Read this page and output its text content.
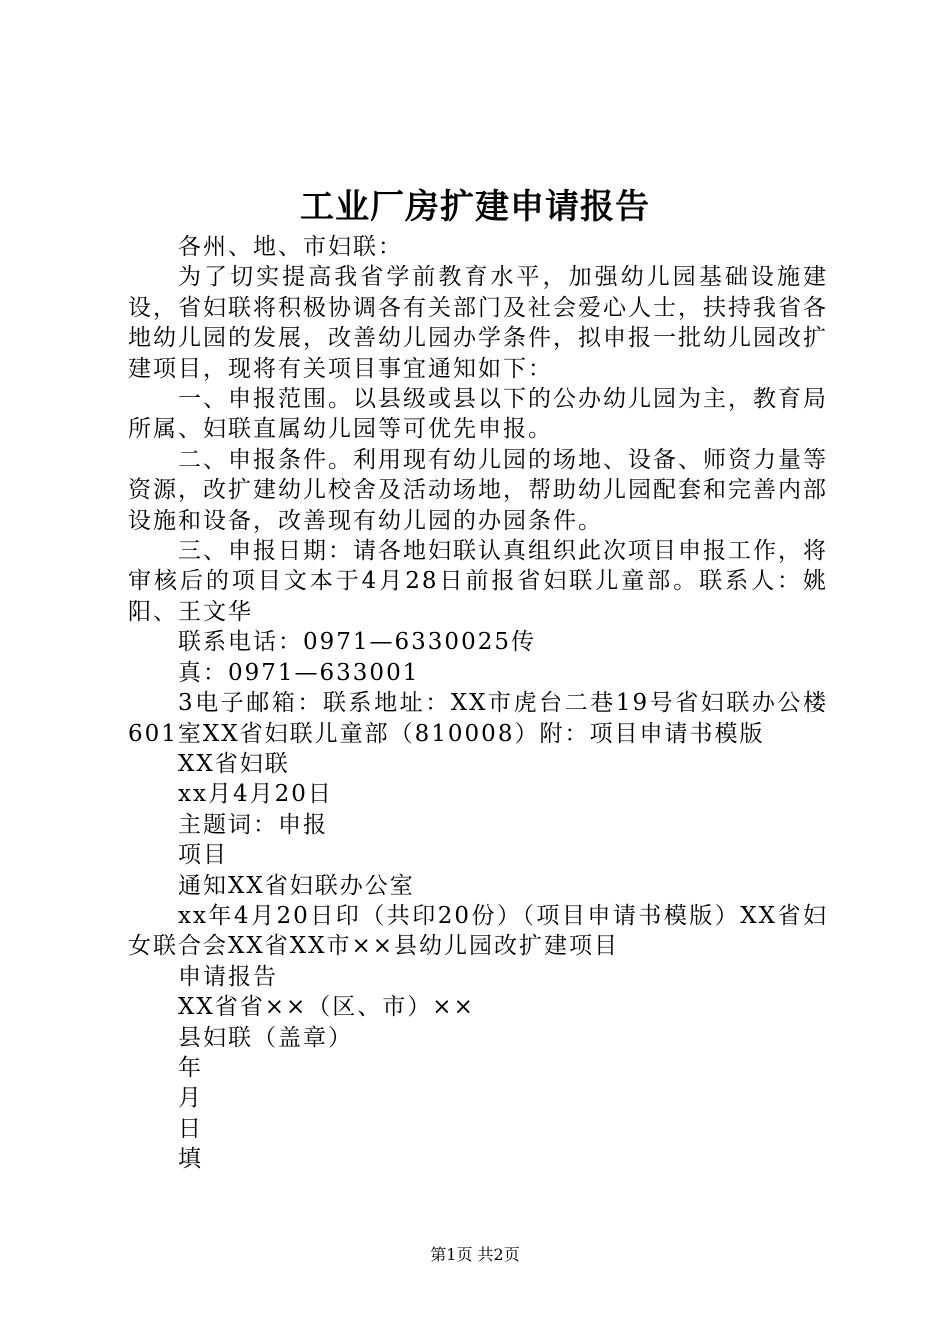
工业厂房扩建申请报告

各州、地、市妇联：

为了切实提高我省学前教育水平，加强幼儿园基础设施建设，省妇联将积极协调各有关部门及社会爱心人士，扶持我省各地幼儿园的发展，改善幼儿园办学条件，拟申报一批幼儿园改扩建项目，现将有关项目事宜通知如下：

一、申报范围。以县级或县以下的公办幼儿园为主，教育局所属、妇联直属幼儿园等可优先申报。

二、申报条件。利用现有幼儿园的场地、设备、师资力量等资源，改扩建幼儿校舍及活动场地，帮助幼儿园配套和完善内部设施和设备，改善现有幼儿园的办园条件。

三、申报日期：请各地妇联认真组织此次项目申报工作，将审核后的项目文本于4月28日前报省妇联儿童部。联系人：姚阳、王文华

联系电话：0971—6330025传

真：0971—633001

3电子邮箱：联系地址：XX市虎台二巷19号省妇联办公楼601室XX省妇联儿童部（810008）附：项目申请书模版

XX省妇联

xx月4月20日

主题词：申报

项目

通知XX省妇联办公室

xx年4月20日印（共印20份）（项目申请书模版）XX省妇女联合会XX省XX市××县幼儿园改扩建项目

申请报告

XX省省××（区、市）××

县妇联（盖章）

年

月

日

填

第1页 共2页
